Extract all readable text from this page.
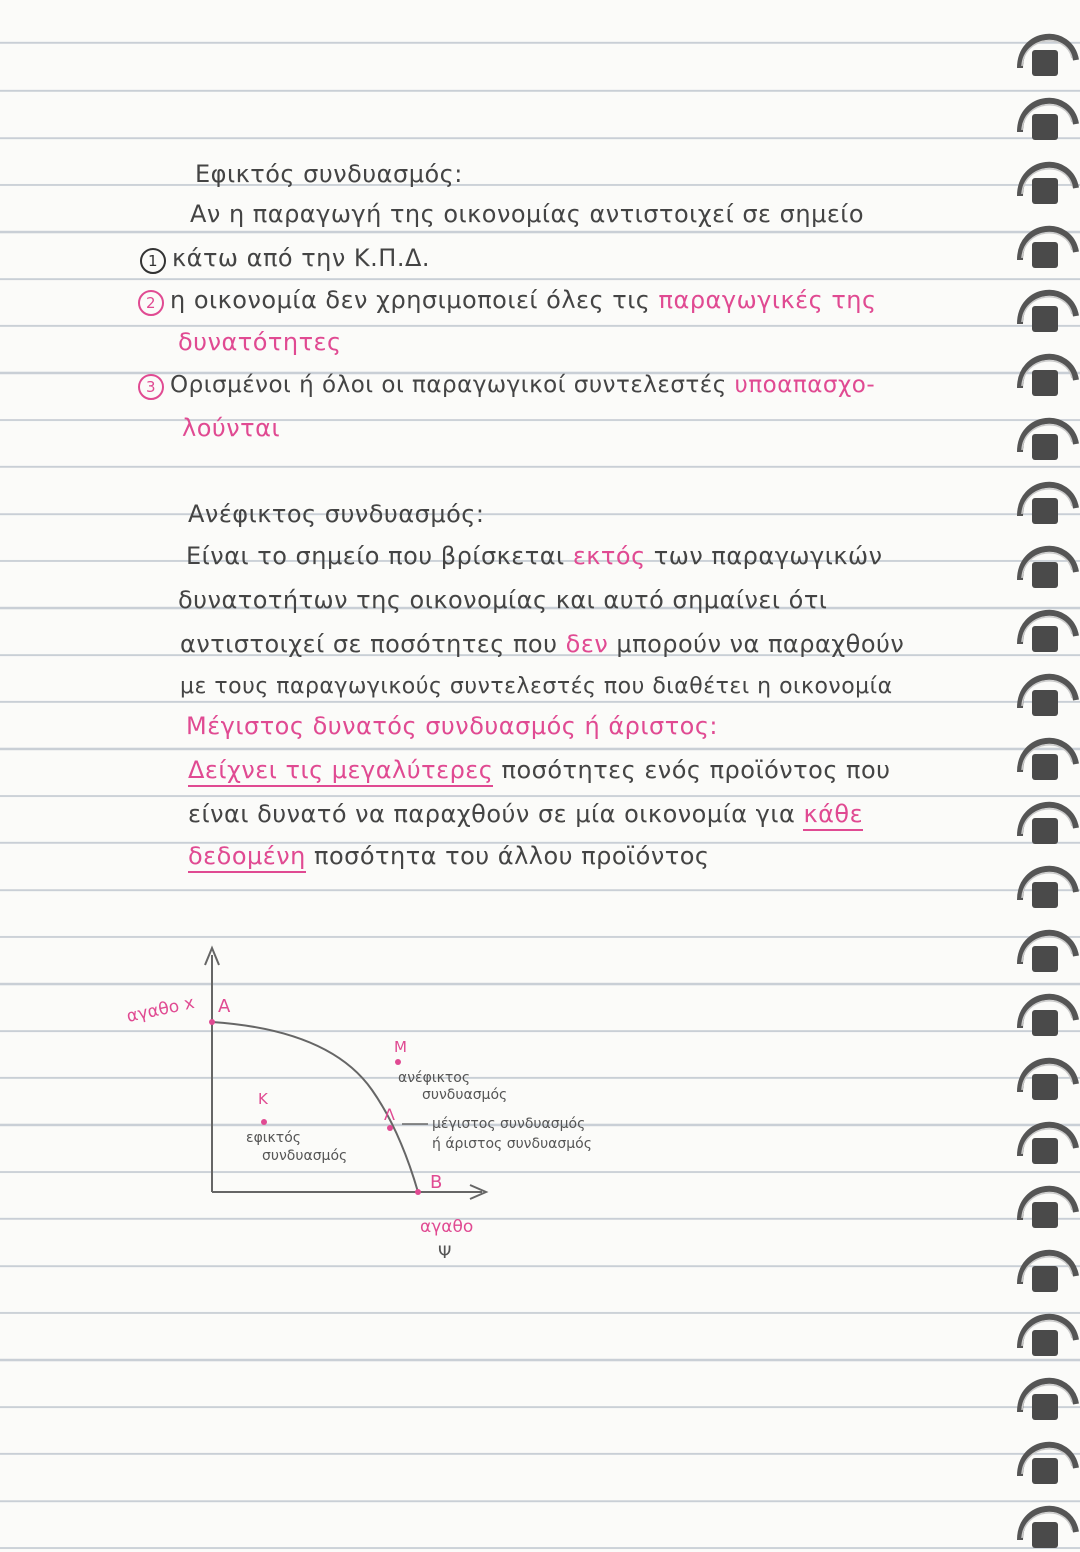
Εφικτός συνδυασμός:
Αν η παραγωγή της οικονομίας αντιστοιχεί σε σημείο
1 κάτω από την Κ.Π.Δ.
2 η οικονομία δεν χρησιμοποιεί όλες τις παραγωγικές της
δυνατότητες
3 Ορισμένοι ή όλοι οι παραγωγικοί συντελεστές υποαπασχο-
λούνται
Ανέφικτος συνδυασμός:
Είναι το σημείο που βρίσκεται εκτός των παραγωγικών
δυνατοτήτων της οικονομίας και αυτό σημαίνει ότι
αντιστοιχεί σε ποσότητες που δεν μπορούν να παραχθούν
με τους παραγωγικούς συντελεστές που διαθέτει η οικονομία
Μέγιστος δυνατός συνδυασμός ή άριστος:
Δείχνει τις μεγαλύτερες ποσότητες ενός προϊόντος που
είναι δυνατό να παραχθούν σε μία οικονομία για κάθε
δεδομένη ποσότητα του άλλου προϊόντος
A
B
K
M
Λ
αγαθο x
αγαθο
Ψ
εφικτός
συνδυασμός
ανέφικτος
συνδυασμός
μέγιστος συνδυασμός
ή άριστος συνδυασμός
